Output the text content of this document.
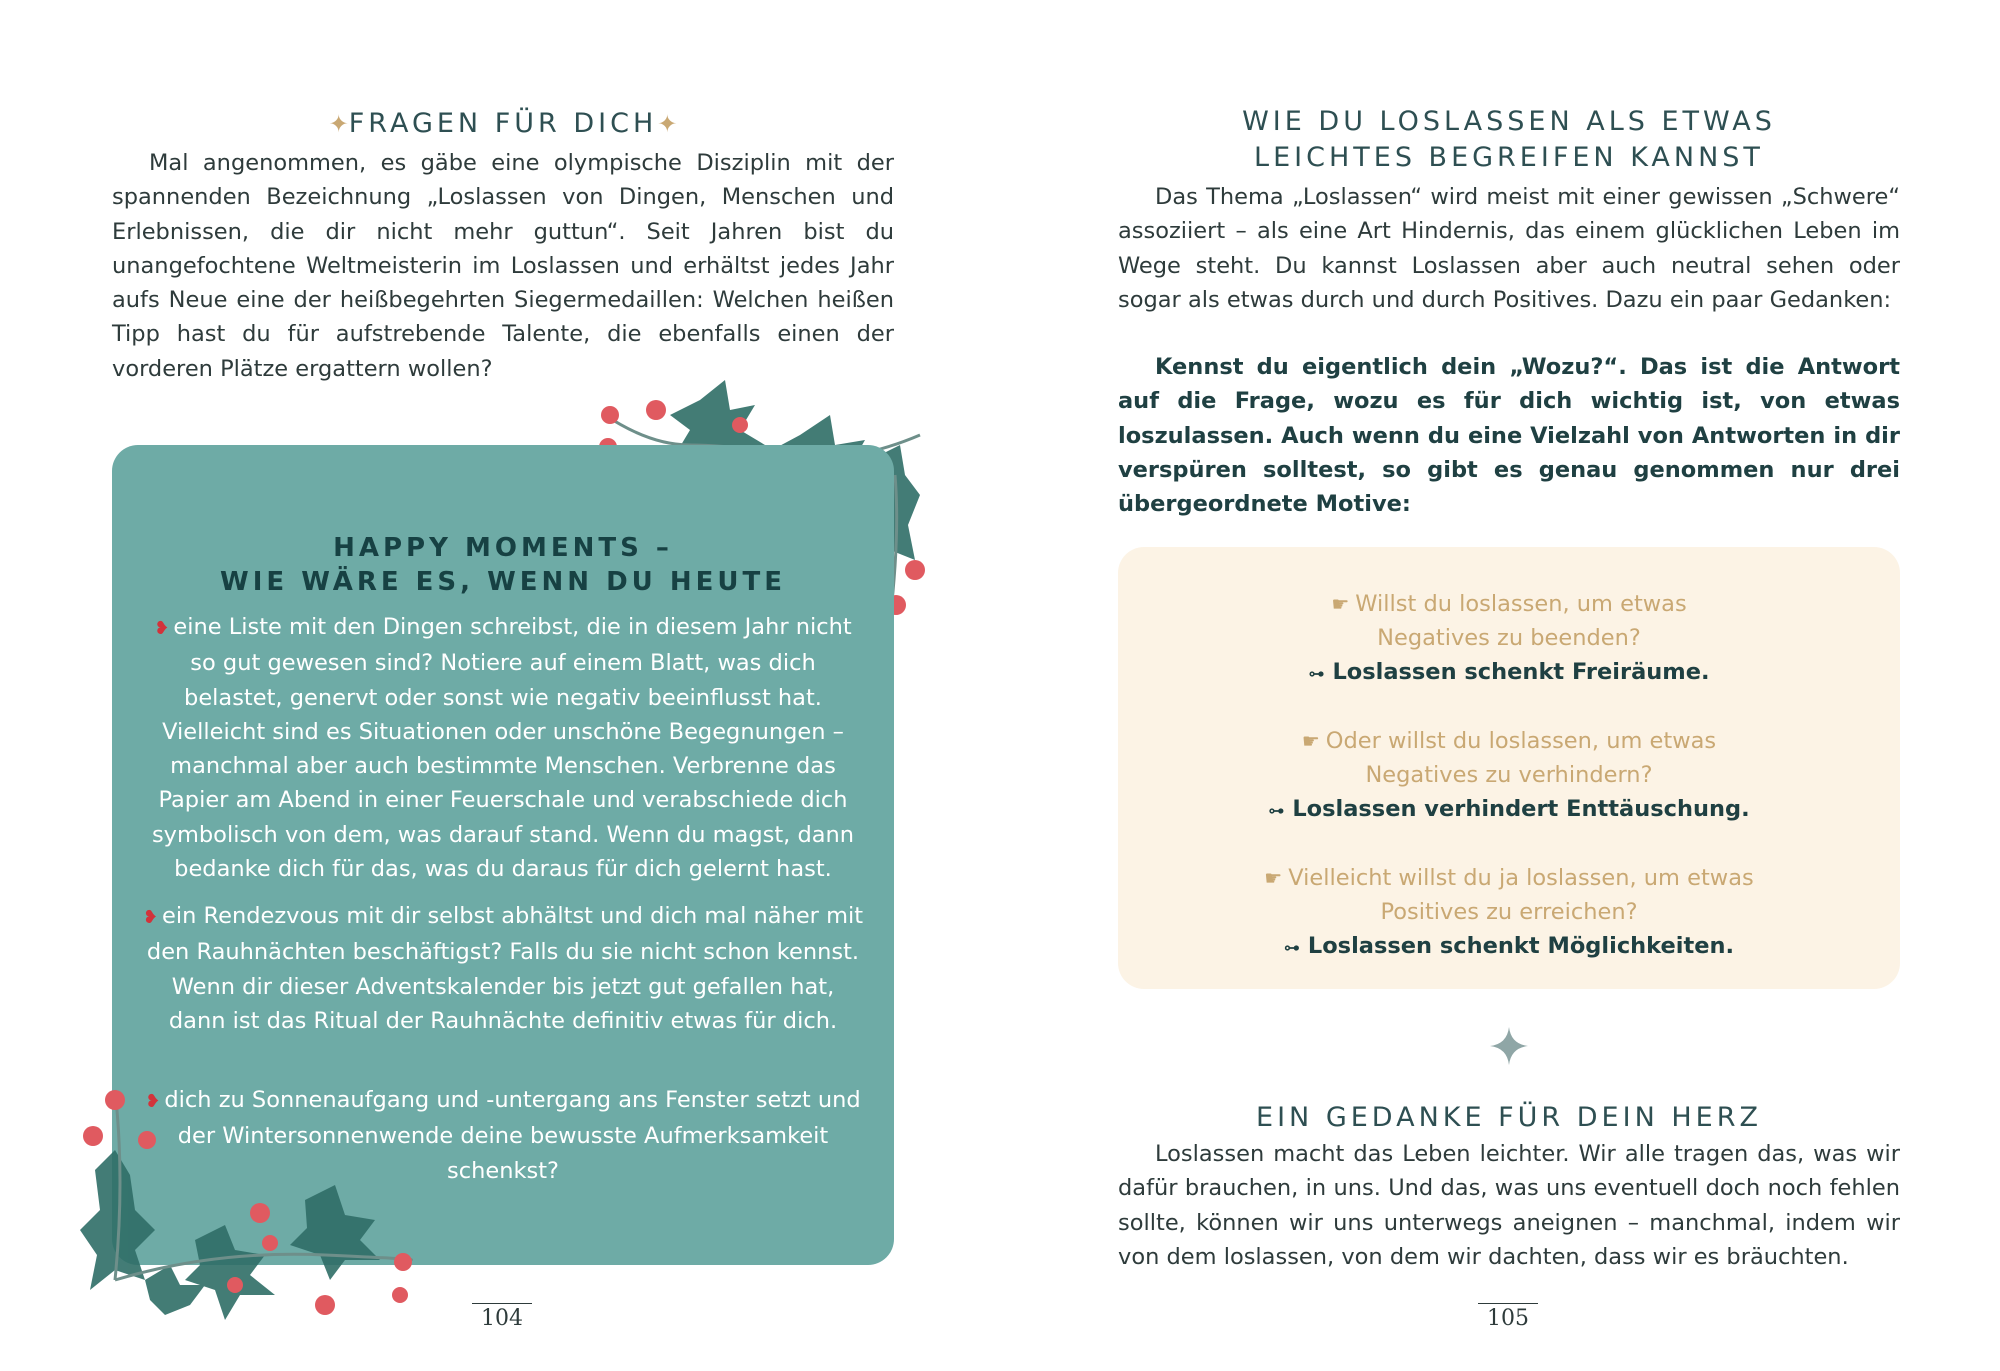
✦FRAGEN FÜR DICH✦

Mal angenommen, es gäbe eine olympische Disziplin mit der spannenden Bezeichnung „Loslassen von Dingen, Menschen und Erlebnissen, die dir nicht mehr guttun“. Seit Jahren bist du unangefochtene Weltmeisterin im Loslassen und erhältst jedes Jahr aufs Neue eine der heißbegehrten Siegermedaillen: Welchen heißen Tipp hast du für aufstrebende Talente, die ebenfalls einen der vorderen Plätze ergattern wollen?

HAPPY MOMENTS –
WIE WÄRE ES, WENN DU HEUTE

❥ eine Liste mit den Dingen schreibst, die in diesem Jahr nicht so gut gewesen sind? Notiere auf einem Blatt, was dich belastet, genervt oder sonst wie negativ beeinflusst hat. Vielleicht sind es Situationen oder unschöne Begegnungen – manchmal aber auch bestimmte Menschen. Verbrenne das Papier am Abend in einer Feuerschale und verabschiede dich symbolisch von dem, was darauf stand. Wenn du magst, dann bedanke dich für das, was du daraus für dich gelernt hast.

❥ ein Rendezvous mit dir selbst abhältst und dich mal näher mit den Rauhnächten beschäftigst? Falls du sie nicht schon kennst. Wenn dir dieser Adventskalender bis jetzt gut gefallen hat, dann ist das Ritual der Rauhnächte definitiv etwas für dich.

❥ dich zu Sonnenaufgang und -untergang ans Fenster setzt und der Wintersonnenwende deine bewusste Aufmerksamkeit schenkst?

104
WIE DU LOSLASSEN ALS ETWAS
LEICHTES BEGREIFEN KANNST

Das Thema „Loslassen“ wird meist mit einer gewissen „Schwere“ assoziiert – als eine Art Hindernis, das einem glücklichen Leben im Wege steht. Du kannst Loslassen aber auch neutral sehen oder sogar als etwas durch und durch Positives. Dazu ein paar Gedanken:

Kennst du eigentlich dein „Wozu?“. Das ist die Antwort auf die Frage, wozu es für dich wichtig ist, von etwas loszulassen. Auch wenn du eine Vielzahl von Antworten in dir verspüren solltest, so gibt es genau genommen nur drei übergeordnete Motive:

☛ Willst du loslassen, um etwas

Negatives zu beenden?

⊶ Loslassen schenkt Freiräume.

☛ Oder willst du loslassen, um etwas

Negatives zu verhindern?

⊶ Loslassen verhindert Enttäuschung.

☛ Vielleicht willst du ja loslassen, um etwas

Positives zu erreichen?

⊶ Loslassen schenkt Möglichkeiten.

EIN GEDANKE FÜR DEIN HERZ

Loslassen macht das Leben leichter. Wir alle tragen das, was wir dafür brauchen, in uns. Und das, was uns eventuell doch noch fehlen sollte, können wir uns unterwegs aneignen – manchmal, indem wir von dem loslassen, von dem wir dachten, dass wir es bräuchten.

105
